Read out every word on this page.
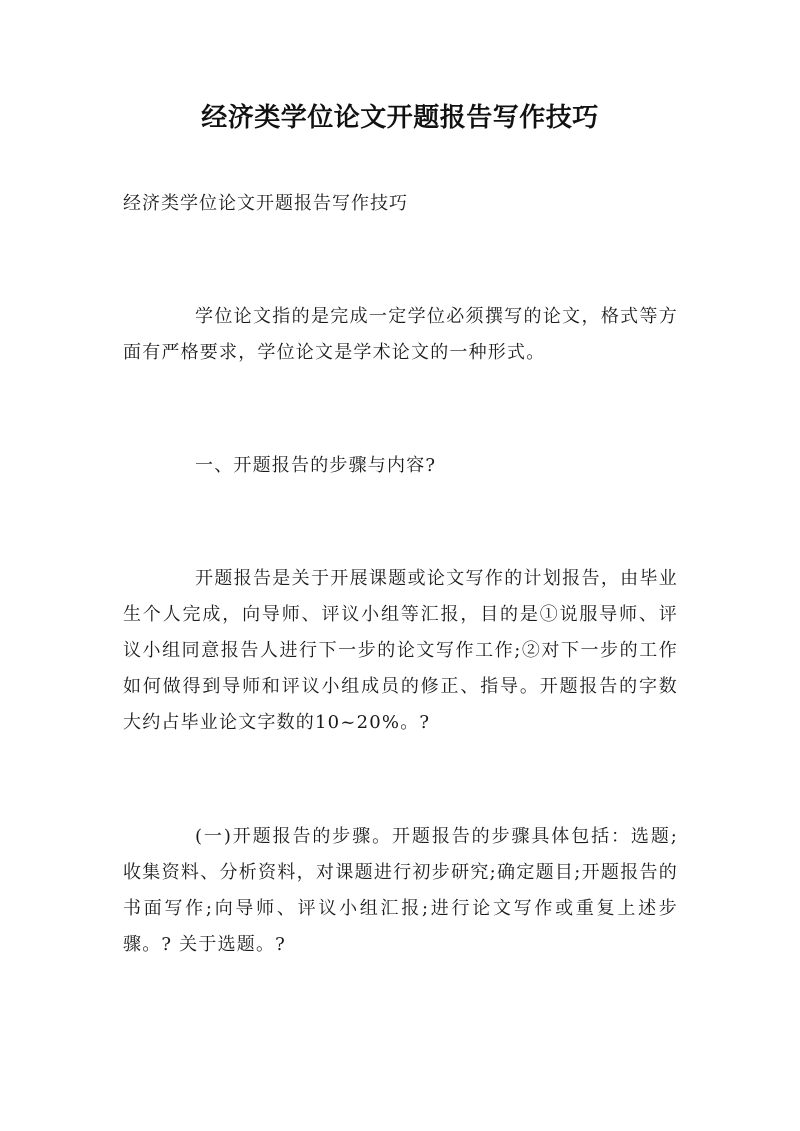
经济类学位论文开题报告写作技巧
经济类学位论文开题报告写作技巧
学位论文指的是完成一定学位必须撰写的论文，格式等方面有严格要求，学位论文是学术论文的一种形式。
一、开题报告的步骤与内容?
开题报告是关于开展课题或论文写作的计划报告，由毕业生个人完成，向导师、评议小组等汇报，目的是①说服导师、评议小组同意报告人进行下一步的论文写作工作;②对下一步的工作如何做得到导师和评议小组成员的修正、指导。开题报告的字数大约占毕业论文字数的10~20%。?
(一)开题报告的步骤。开题报告的步骤具体包括：选题;收集资料、分析资料，对课题进行初步研究;确定题目;开题报告的书面写作;向导师、评议小组汇报;进行论文写作或重复上述步骤。? 关于选题。?
